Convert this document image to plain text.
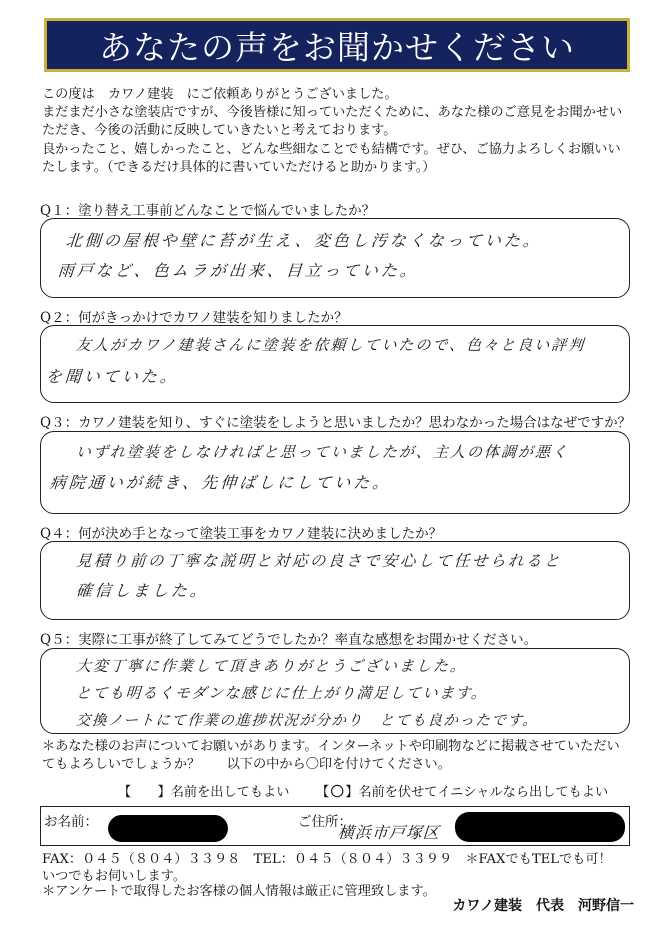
あなたの声をお聞かせください

この度は　カワノ建装　にご依頼ありがとうございました。

まだまだ小さな塗装店ですが、今後皆様に知っていただくために、あなた様のご意見をお聞かせい

ただき、今後の活動に反映していきたいと考えております。

良かったこと、嬉しかったこと、どんな些細なことでも結構です。ぜひ、ご協力よろしくお願いい

たします。（できるだけ具体的に書いていただけると助かります。）

Q１：塗り替え工事前どんなことで悩んでいましたか？
北側の屋根や壁に苔が生え、変色し汚なくなっていた。
雨戸など、色ムラが出来、目立っていた。
Q２：何がきっかけでカワノ建装を知りましたか？
友人がカワノ建装さんに塗装を依頼していたので、色々と良い評判
を聞いていた。
Q３：カワノ建装を知り、すぐに塗装をしようと思いましたか？思わなかった場合はなぜですか？
いずれ塗装をしなければと思っていましたが、主人の体調が悪く
病院通いが続き、先伸ばしにしていた。
Q４：何が決め手となって塗装工事をカワノ建装に決めましたか？
見積り前の丁寧な説明と対応の良さで安心して任せられると
確信しました。
Q５：実際に工事が終了してみてどうでしたか？率直な感想をお聞かせください。
大変丁寧に作業して頂きありがとうございました。
とても明るくモダンな感じに仕上がり満足しています。
交換ノートにて作業の進捗状況が分かり　とても良かったです。
＊あなた様のお声についてお願いがあります。インターネットや印刷物などに掲載させていただい
てもよろしいでしょうか？　　以下の中から〇印を付けてください。
【　　】名前を出してもよい 【〇】名前を伏せてイニシャルなら出してもよい
お名前：	ご住所：
横浜市戸塚区
FAX：０４５（８０４）３３９８　TEL：０４５（８０４）３３９９　＊FAXでもTELでも可！
いつでもお伺いします。
＊アンケートで取得したお客様の個人情報は厳正に管理致します。
カワノ建装　代表　河野信一
